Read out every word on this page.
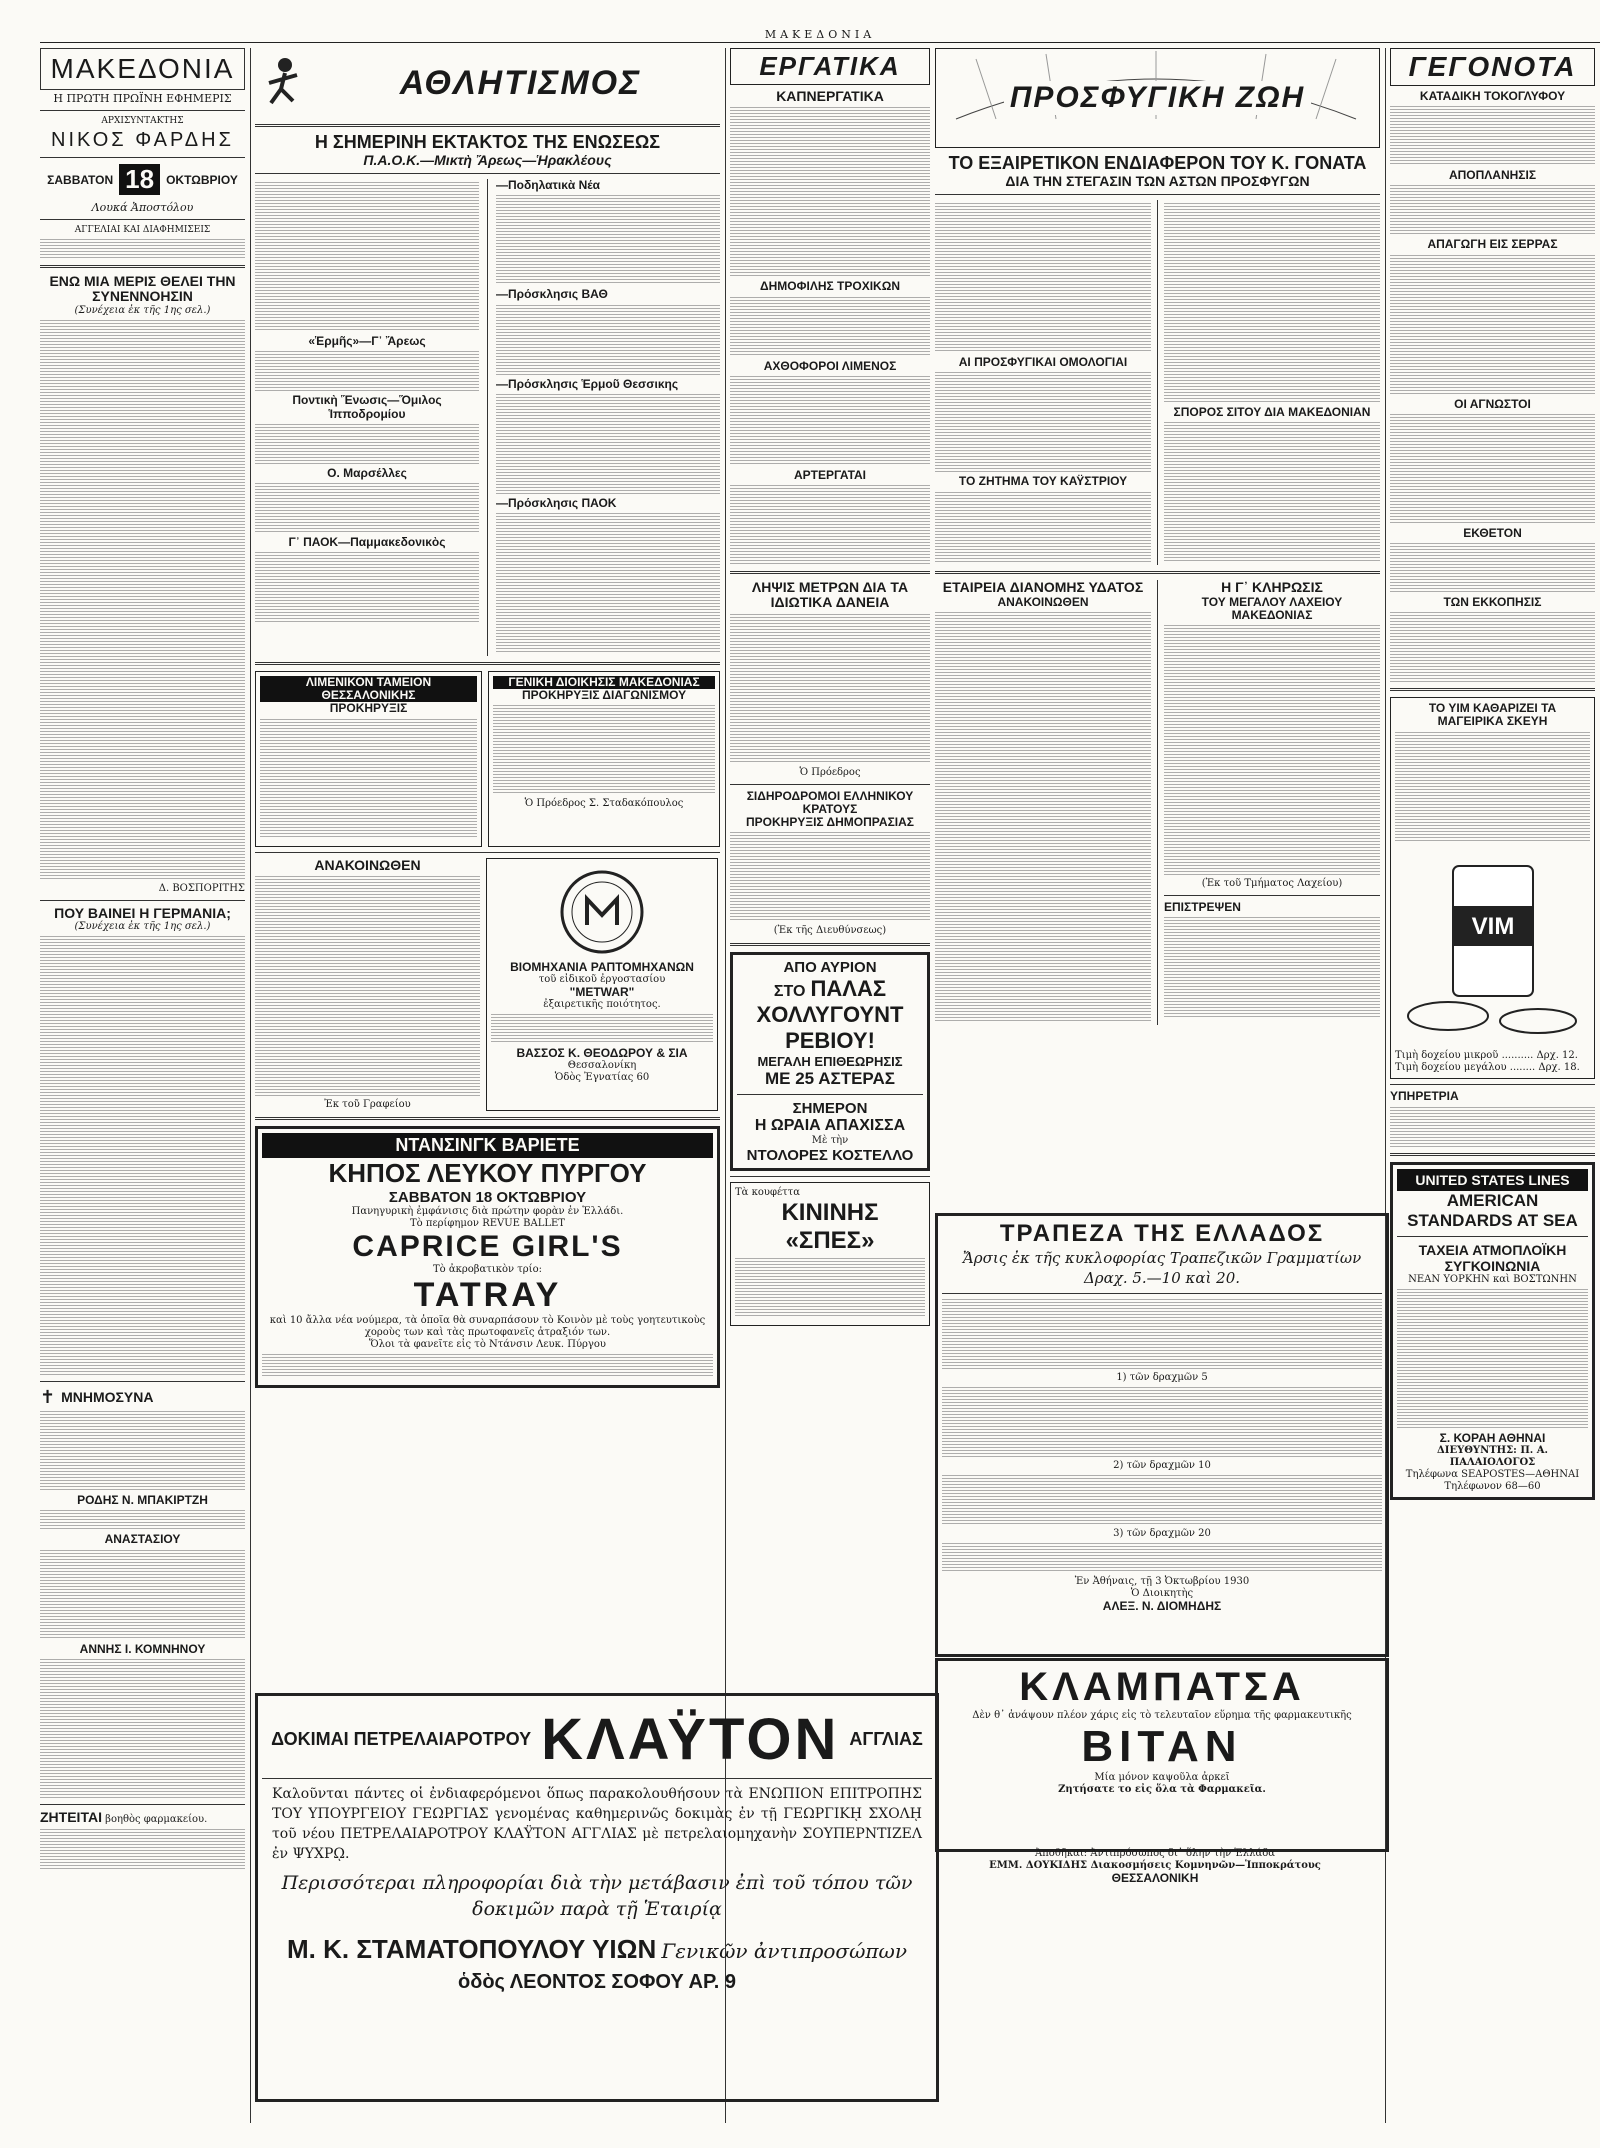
ΜΑΚΕΔΟΝΙΑ
ΜΑΚΕΔΟΝΙΑ
Η ΠΡΩΤΗ ΠΡΩΪΝΗ ΕΦΗΜΕΡΙΣ
ΑΡΧΙΣΥΝΤΑΚΤΗΣ
ΝΙΚΟΣ ΦΑΡΔΗΣ
ΣΑΒΒΑΤΟΝ 18	ΟΚΤΩΒΡΙΟΥ
Λουκά Ἀποστόλου
ΑΓΓΕΛΙΑΙ ΚΑΙ ΔΙΑΦΗΜΙΣΕΙΣ
ΕΝΩ ΜΙΑ ΜΕΡΙΣ ΘΕΛΕΙ ΤΗΝ ΣΥΝΕΝΝΟΗΣΙΝ
(Συνέχεια ἐκ τῆς 1ης σελ.)
Δ. ΒΟΣΠΟΡΙΤΗΣ
ΠΟΥ ΒΑΙΝΕΙ Η ΓΕΡΜΑΝΙΑ;
(Συνέχεια ἐκ τῆς 1ης σελ.)
✝ ΜΝΗΜΟΣΥΝΑ
ΡΟΔΗΣ Ν. ΜΠΑΚΙΡΤΖΗ
ΑΝΑΣΤΑΣΙΟΥ
ΑΝΝΗΣ Ι. ΚΟΜΝΗΝΟΥ
ΖΗΤΕΙΤΑΙ βοηθὸς φαρμακείου.
ΑΘΛΗΤΙΣΜΟΣ
Η ΣΗΜΕΡΙΝΗ ΕΚΤΑΚΤΟΣ ΤΗΣ ΕΝΩΣΕΩΣ
Π.Α.Ο.Κ.—Μικτὴ Ἄρεως—Ἡρακλέους
«Ἑρμῆς»—Γ᾽ Ἄρεως
Ποντικὴ Ἕνωσις—Ὅμιλος Ἱπποδρομίου
Ο. Μαρσέλλες
Γ᾽ ΠΑΟΚ—Παμμακεδονικὸς
—Ποδηλατικὰ Νέα
—Πρόσκλησις ΒΑΘ
—Πρόσκλησις Ἑρμοῦ Θεσσικης
—Πρόσκλησις ΠΑΟΚ
ΛΙΜΕΝΙΚΟΝ ΤΑΜΕΙΟΝ ΘΕΣΣΑΛΟΝΙΚΗΣ
ΠΡΟΚΗΡΥΞΙΣ
ΓΕΝΙΚΗ ΔΙΟΙΚΗΣΙΣ ΜΑΚΕΔΟΝΙΑΣ
ΠΡΟΚΗΡΥΞΙΣ ΔΙΑΓΩΝΙΣΜΟΥ
Ὁ Πρόεδρος Σ. Σταδακόπουλος
ΑΝΑΚΟΙΝΩΘΕΝ
Ἐκ τοῦ Γραφείου
ΒΙΟΜΗΧΑΝΙΑ ΡΑΠΤΟΜΗΧΑΝΩΝ
τοῦ εἰδικοῦ ἐργοστασίου
"METWAR"
ἐξαιρετικῆς ποιότητος.
ΒΑΣΣΟΣ Κ. ΘΕΟΔΩΡΟΥ & ΣΙΑ
Θεσσαλονίκη
Ὁδὸς Ἐγνατίας 60
ΝΤΑΝΣΙΝΓΚ ΒΑΡΙΕΤΕ
ΚΗΠΟΣ ΛΕΥΚΟΥ ΠΥΡΓΟΥ
ΣΑΒΒΑΤΟΝ 18 ΟΚΤΩΒΡΙΟΥ
Πανηγυρικὴ ἐμφάνισις διὰ πρώτην φορὰν ἐν Ἑλλάδι.
Τὸ περίφημον REVUE BALLET
CAPRICE GIRL'S
Τὸ ἀκροβατικὸν τρίο:
TATRAY
καὶ 10 ἄλλα νέα νούμερα, τὰ ὁποῖα θὰ συναρπάσουν τὸ Κοινὸν μὲ τοὺς γοητευτικοὺς χοροὺς των καὶ τὰς πρωτοφανεῖς ἀτραξιόν των.
Ὅλοι τὰ φανεῖτε εἰς τὸ Ντάνσιν Λευκ. Πύργου
ΔΟΚΙΜΑΙ ΠΕΤΡΕΛΑΙΑΡΟΤΡΟΥ ΚΛΑΫΤΟΝ ΑΓΓΛΙΑΣ
Καλοῦνται πάντες οἱ ἐνδιαφερόμενοι ὅπως παρακολουθήσουν τὰ ΕΝΩΠΙΟΝ ΕΠΙΤΡΟΠΗΣ ΤΟΥ ΥΠΟΥΡΓΕΙΟΥ ΓΕΩΡΓΙΑΣ γενομένας καθημερινῶς δοκιμὰς ἐν τῇ ΓΕΩΡΓΙΚῌ ΣΧΟΛῌ τοῦ νέου ΠΕΤΡΕΛΑΙΑΡΟΤΡΟΥ ΚΛΑΫΤΟΝ ΑΓΓΛΙΑΣ μὲ πετρελαιομηχανὴν ΣΟΥΠΕΡΝΤΙΖΕΛ ἐν ΨΥΧΡῼ.
Περισσότεραι πληροφορίαι διὰ τὴν μετάβασιν ἐπὶ τοῦ τόπου τῶν δοκιμῶν παρὰ τῇ Ἑταιρίᾳ
Μ. Κ. ΣΤΑΜΑΤΟΠΟΥΛΟΥ ΥΙΩΝ Γενικῶν ἀντιπροσώπων
ὁδὸς ΛΕΟΝΤΟΣ ΣΟΦΟΥ ΑΡ. 9
ΕΡΓΑΤΙΚΑ
ΚΑΠΝΕΡΓΑΤΙΚΑ
ΔΗΜΟΦΙΛΗΣ ΤΡΟΧΙΚΩΝ
ΑΧΘΟΦΟΡΟΙ ΛΙΜΕΝΟΣ
ΑΡΤΕΡΓΑΤΑΙ
ΛΗΨΙΣ ΜΕΤΡΩΝ ΔΙΑ ΤΑ ΙΔΙΩΤΙΚΑ ΔΑΝΕΙΑ
Ὁ Πρόεδρος
ΣΙΔΗΡΟΔΡΟΜΟΙ ΕΛΛΗΝΙΚΟΥ ΚΡΑΤΟΥΣ
ΠΡΟΚΗΡΥΞΙΣ ΔΗΜΟΠΡΑΣΙΑΣ
(Ἐκ τῆς Διευθύνσεως)
ΑΠΟ ΑΥΡΙΟΝ
ΣΤΟ ΠΑΛΑΣ
ΧΟΛΛΥΓΟΥΝΤ
ΡΕΒΙΟΥ!
ΜΕΓΑΛΗ ΕΠΙΘΕΩΡΗΣΙΣ
ΜΕ 25 ΑΣΤΕΡΑΣ
ΣΗΜΕΡΟΝ
Η ΩΡΑΙΑ ΑΠΑΧΙΣΣΑ
Μὲ τὴν
ΝΤΟΛΟΡΕΣ ΚΟΣΤΕΛΛΟ
Τὰ κουφέττα
ΚΙΝΙΝΗΣ
«ΣΠΕΣ»
ΠΡΟΣΦΥΓΙΚΗ ΖΩΗ
ΤΟ ΕΞΑΙΡΕΤΙΚΟΝ ΕΝΔΙΑΦΕΡΟΝ ΤΟΥ Κ. ΓΟΝΑΤΑ
ΔΙΑ ΤΗΝ ΣΤΕΓΑΣΙΝ ΤΩΝ ΑΣΤΩΝ ΠΡΟΣΦΥΓΩΝ
ΑΙ ΠΡΟΣΦΥΓΙΚΑΙ ΟΜΟΛΟΓΙΑΙ
ΤΟ ΖΗΤΗΜΑ ΤΟΥ ΚΑΫΣΤΡΙΟΥ
ΣΠΟΡΟΣ ΣΙΤΟΥ ΔΙΑ ΜΑΚΕΔΟΝΙΑΝ
ΕΤΑΙΡΕΙΑ ΔΙΑΝΟΜΗΣ ΥΔΑΤΟΣ
ΑΝΑΚΟΙΝΩΘΕΝ
Η Γ᾽ ΚΛΗΡΩΣΙΣ
ΤΟΥ ΜΕΓΑΛΟΥ ΛΑΧΕΙΟΥ ΜΑΚΕΔΟΝΙΑΣ
(Ἐκ τοῦ Τμήματος Λαχείου)
ΕΠΙΣΤΡΕΨΕΝ
ΤΡΑΠΕΖΑ ΤΗΣ ΕΛΛΑΔΟΣ
Ἄρσις ἐκ τῆς κυκλοφορίας Τραπεζικῶν Γραμματίων Δραχ. 5.—10 καὶ 20.
1) τῶν δραχμῶν 5
2) τῶν δραχμῶν 10
3) τῶν δραχμῶν 20
Ἐν Ἀθήναις, τῇ 3 Ὀκτωβρίου 1930
Ὁ Διοικητὴς
ΑΛΕΞ. Ν. ΔΙΟΜΗΔΗΣ
ΚΛΑΜΠΑΤΣΑ
Δὲν θ᾽ ἀνάψουν πλέον χάρις εἰς τὸ τελευταῖον εὕρημα τῆς φαρμακευτικῆς
ΒΙΤΑΝ
Μία μόνον καψοῦλα ἀρκεῖ
Ζητήσατε το εἰς ὅλα τὰ Φαρμακεῖα.
Ἀποθῆκαι: Ἀντιπρόσωπος δι᾽ ὅλην τὴν Ἑλλάδα
ΕΜΜ. ΔΟΥΚΙΔΗΣ Διακοσμήσεις Κομνηνῶν—Ἱπποκράτους
ΘΕΣΣΑΛΟΝΙΚΗ
ΓΕΓΟΝΟΤΑ
ΚΑΤΑΔΙΚΗ ΤΟΚΟΓΛΥΦΟΥ
ΑΠΟΠΛΑΝΗΣΙΣ
ΑΠΑΓΩΓΗ ΕΙΣ ΣΕΡΡΑΣ
ΟΙ ΑΓΝΩΣΤΟΙ
ΕΚΘΕΤΟΝ
ΤΩΝ ΕΚΚΟΠΗΣΙΣ
ΤΟ ΥΙΜ ΚΑΘΑΡΙΖΕΙ ΤΑ ΜΑΓΕΙΡΙΚΑ ΣΚΕΥΗ
VIM
Τιμὴ δοχείου μικροῦ .......... Δρχ. 12.
Τιμὴ δοχείου μεγάλου ........ Δρχ. 18.
ΥΠΗΡΕΤΡΙΑ
UNITED STATES LINES
AMERICAN STANDARDS AT SEA
ΤΑΧΕΙΑ ΑΤΜΟΠΛΟΪΚΗ ΣΥΓΚΟΙΝΩΝΙΑ
ΝΕΑΝ ΥΟΡΚΗΝ καὶ ΒΟΣΤΩΝΗΝ
Σ. ΚΟΡΑΗ ΑΘΗΝΑΙ
ΔΙΕΥΘΥΝΤΗΣ: Π. Α. ΠΑΛΑΙΟΛΟΓΟΣ
Τηλέφωνα SEAPOSTES—ΑΘΗΝΑΙ
Τηλέφωνον 68—60
